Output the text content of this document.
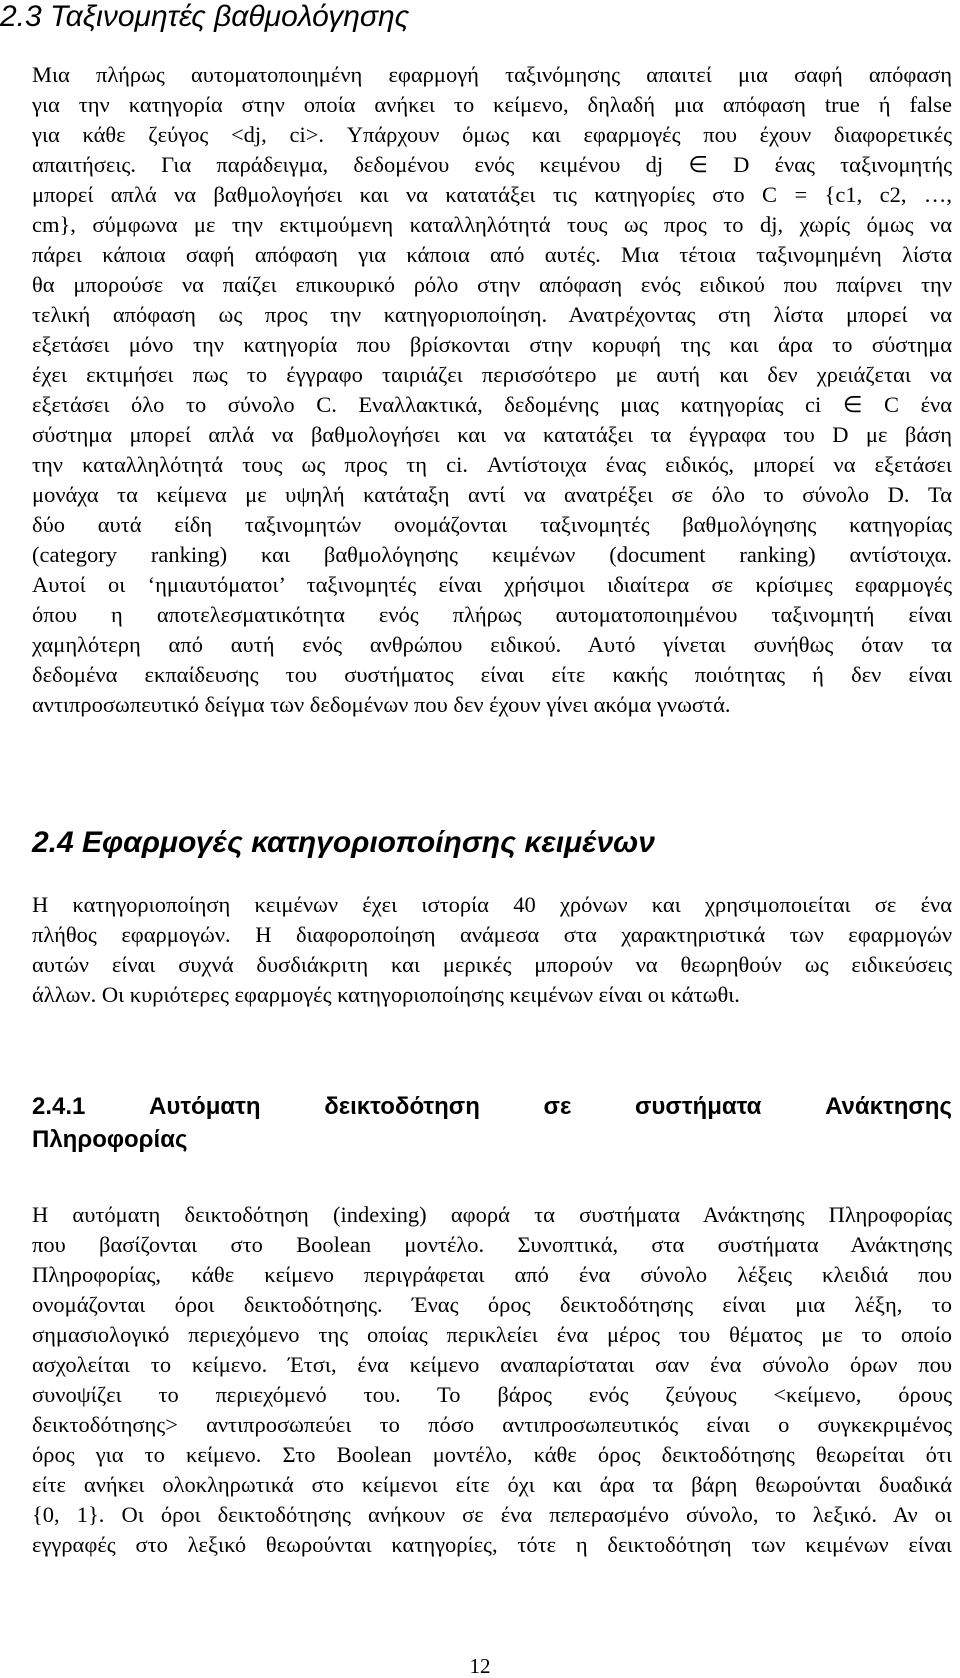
2.3 Ταξινομητές βαθμολόγησης
Μια πλήρως αυτοματοποιημένη εφαρμογή ταξινόμησης απαιτεί μια σαφή απόφαση
για την κατηγορία στην οποία ανήκει το κείμενο, δηλαδή μια απόφαση true ή false
για κάθε ζεύγος <dj, ci>. Υπάρχουν όμως και εφαρμογές που έχουν διαφορετικές
απαιτήσεις. Για παράδειγμα, δεδομένου ενός κειμένου dj ∈ D ένας ταξινομητής
μπορεί απλά να βαθμολογήσει και να κατατάξει τις κατηγορίες στο C = {c1, c2, …,
cm}, σύμφωνα με την εκτιμούμενη καταλληλότητά τους ως προς το dj, χωρίς όμως να
πάρει κάποια σαφή απόφαση για κάποια από αυτές. Μια τέτοια ταξινομημένη λίστα
θα μπορούσε να παίζει επικουρικό ρόλο στην απόφαση ενός ειδικού που παίρνει την
τελική απόφαση ως προς την κατηγοριοποίηση. Ανατρέχοντας στη λίστα μπορεί να
εξετάσει μόνο την κατηγορία που βρίσκονται στην κορυφή της και άρα το σύστημα
έχει εκτιμήσει πως το έγγραφο ταιριάζει περισσότερο με αυτή και δεν χρειάζεται να
εξετάσει όλο το σύνολο C. Εναλλακτικά, δεδομένης μιας κατηγορίας ci ∈ C ένα
σύστημα μπορεί απλά να βαθμολογήσει και να κατατάξει τα έγγραφα του D με βάση
την καταλληλότητά τους ως προς τη ci. Αντίστοιχα ένας ειδικός, μπορεί να εξετάσει
μονάχα τα κείμενα με υψηλή κατάταξη αντί να ανατρέξει σε όλο το σύνολο D. Τα
δύο αυτά είδη ταξινομητών ονομάζονται ταξινομητές βαθμολόγησης κατηγορίας
(category ranking) και βαθμολόγησης κειμένων (document ranking) αντίστοιχα.
Αυτοί οι ‘ημιαυτόματοι’ ταξινομητές είναι χρήσιμοι ιδιαίτερα σε κρίσιμες εφαρμογές
όπου η αποτελεσματικότητα ενός πλήρως αυτοματοποιημένου ταξινομητή είναι
χαμηλότερη από αυτή ενός ανθρώπου ειδικού. Αυτό γίνεται συνήθως όταν τα
δεδομένα εκπαίδευσης του συστήματος είναι είτε κακής ποιότητας ή δεν είναι
αντιπροσωπευτικό δείγμα των δεδομένων που δεν έχουν γίνει ακόμα γνωστά.
2.4 Εφαρμογές κατηγοριοποίησης κειμένων
Η κατηγοριοποίηση κειμένων έχει ιστορία 40 χρόνων και χρησιμοποιείται σε ένα
πλήθος εφαρμογών. Η διαφοροποίηση ανάμεσα στα χαρακτηριστικά των εφαρμογών
αυτών είναι συχνά δυσδιάκριτη και μερικές μπορούν να θεωρηθούν ως ειδικεύσεις
άλλων. Οι κυριότερες εφαρμογές κατηγοριοποίησης κειμένων είναι οι κάτωθι.
2.4.1	Αυτόματη	δεικτοδότηση	σε	συστήματα	Ανάκτησης
Πληροφορίας
Η αυτόματη δεικτοδότηση (indexing) αφορά τα συστήματα Ανάκτησης Πληροφορίας
που βασίζονται στο Boolean μοντέλο. Συνοπτικά, στα συστήματα Ανάκτησης
Πληροφορίας, κάθε κείμενο περιγράφεται από ένα σύνολο λέξεις κλειδιά που
ονομάζονται όροι δεικτοδότησης. Ένας όρος δεικτοδότησης είναι μια λέξη, το
σημασιολογικό περιεχόμενο της οποίας περικλείει ένα μέρος του θέματος με το οποίο
ασχολείται το κείμενο. Έτσι, ένα κείμενο αναπαρίσταται σαν ένα σύνολο όρων που
συνοψίζει το περιεχόμενό του. Το βάρος ενός ζεύγους <κείμενο, όρους
δεικτοδότησης> αντιπροσωπεύει το πόσο αντιπροσωπευτικός είναι ο συγκεκριμένος
όρος για το κείμενο. Στο Boolean μοντέλο, κάθε όρος δεικτοδότησης θεωρείται ότι
είτε ανήκει ολοκληρωτικά στο κείμενοι είτε όχι και άρα τα βάρη θεωρούνται δυαδικά
{0, 1}. Οι όροι δεικτοδότησης ανήκουν σε ένα πεπερασμένο σύνολο, το λεξικό. Αν οι
εγγραφές στο λεξικό θεωρούνται κατηγορίες, τότε η δεικτοδότηση των κειμένων είναι
12
